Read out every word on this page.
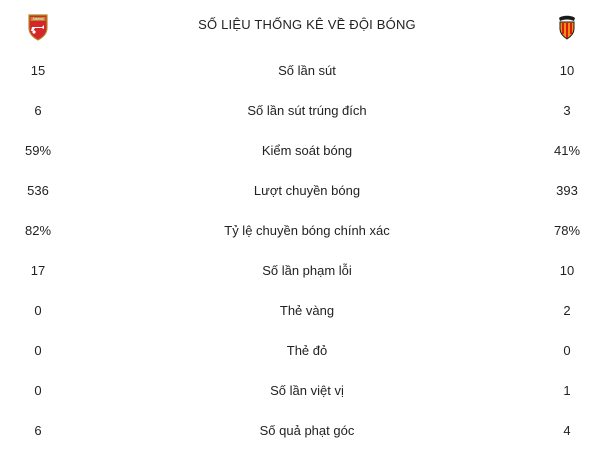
Arsenal	SỐ LIỆU THỐNG KÊ VỀ ĐỘI BÓNG
15	Số lần sút	10
6	Số lần sút trúng đích	3
59%	Kiểm soát bóng	41%
536	Lượt chuyền bóng	393
82%	Tỷ lệ chuyền bóng chính xác	78%
17	Số lần phạm lỗi	10
0	Thẻ vàng	2
0	Thẻ đỏ	0
0	Số lần việt vị	1
6	Số quả phạt góc	4
